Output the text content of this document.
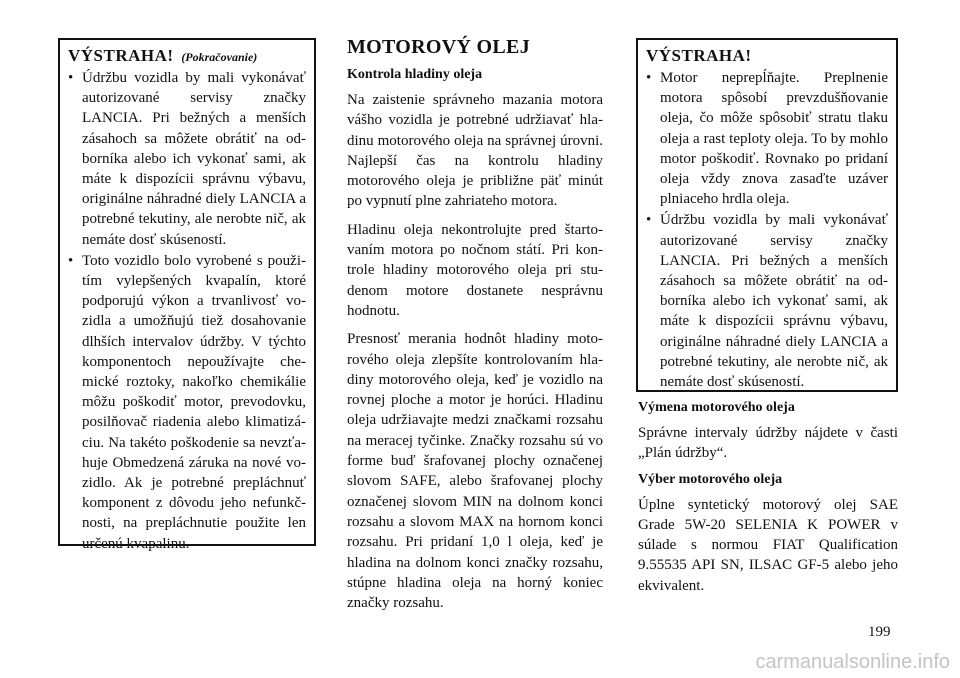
VÝSTRAHA! (Pokračovanie)
• Údržbu vozidla by mali vykonávať autorizované servisy značky LANCIA. Pri bežných a menších zásahoch sa môžete obrátiť na odborníka alebo ich vykonať sami, ak máte k dispozícii správnu výbavu, originálne náhradné diely LANCIA a potrebné tekutiny, ale nerobte nič, ak nemáte dosť skúseností.
• Toto vozidlo bolo vyrobené s použitím vylepšených kvapalín, ktoré podporujú výkon a trvanlivosť vozidla a umožňujú tiež dosahovanie dlhších intervalov údržby. V týchto komponentoch nepoužívajte chemické roztoky, nakoľko chemikálie môžu poškodiť motor, prevodovku, posilňovač riadenia alebo klimatizáciu. Na takéto poškodenie sa nevzťahuje Obmedzená záruka na nové vozidlo. Ak je potrebné prepláchnuť komponent z dôvodu jeho nefunkčnosti, na prepláchnutie použite len určenú kvapalinu.
MOTOROVÝ OLEJ
Kontrola hladiny oleja

Na zaistenie správneho mazania motora vášho vozidla je potrebné udržiavať hladinu motorového oleja na správnej úrovni. Najlepší čas na kontrolu hladiny motorového oleja je približne päť minút po vypnutí plne zahriateho motora.

Hladinu oleja nekontrolujte pred štartovaním motora po nočnom státí. Pri kontrole hladiny motorového oleja pri studenom motore dostanete nesprávnu hodnotu.

Presnosť merania hodnôt hladiny motorového oleja zlepšíte kontrolovaním hladiny motorového oleja, keď je vozidlo na rovnej ploche a motor je horúci. Hladinu oleja udržiavajte medzi značkami rozsahu na meracej tyčinke. Značky rozsahu sú vo forme buď šrafovanej plochy označenej slovom SAFE, alebo šrafovanej plochy označenej slovom MIN na dolnom konci rozsahu a slovom MAX na hornom konci rozsahu. Pri pridaní 1,0 l oleja, keď je hladina na dolnom konci značky rozsahu, stúpne hladina oleja na horný koniec značky rozsahu.

VÝSTRAHA!
• Motor neprepĺňajte. Preplnenie motora spôsobí prevzdušňovanie oleja, čo môže spôsobiť stratu tlaku oleja a rast teploty oleja. To by mohlo motor poškodiť. Rovnako po pridaní oleja vždy znova zasaďte uzáver plniaceho hrdla oleja.
• Údržbu vozidla by mali vykonávať autorizované servisy značky LANCIA. Pri bežných a menších zásahoch sa môžete obrátiť na odborníka alebo ich vykonať sami, ak máte k dispozícii správnu výbavu, originálne náhradné diely LANCIA a potrebné tekutiny, ale nerobte nič, ak nemáte dosť skúseností.
Výmena motorového oleja

Správne intervaly údržby nájdete v časti „Plán údržby“.

Výber motorového oleja

Úplne syntetický motorový olej SAE Grade 5W-20 SELENIA K POWER v súlade s normou FIAT Qualification 9.55535 API SN, ILSAC GF-5 alebo jeho ekvivalent.

199
carmanualsonline.info
